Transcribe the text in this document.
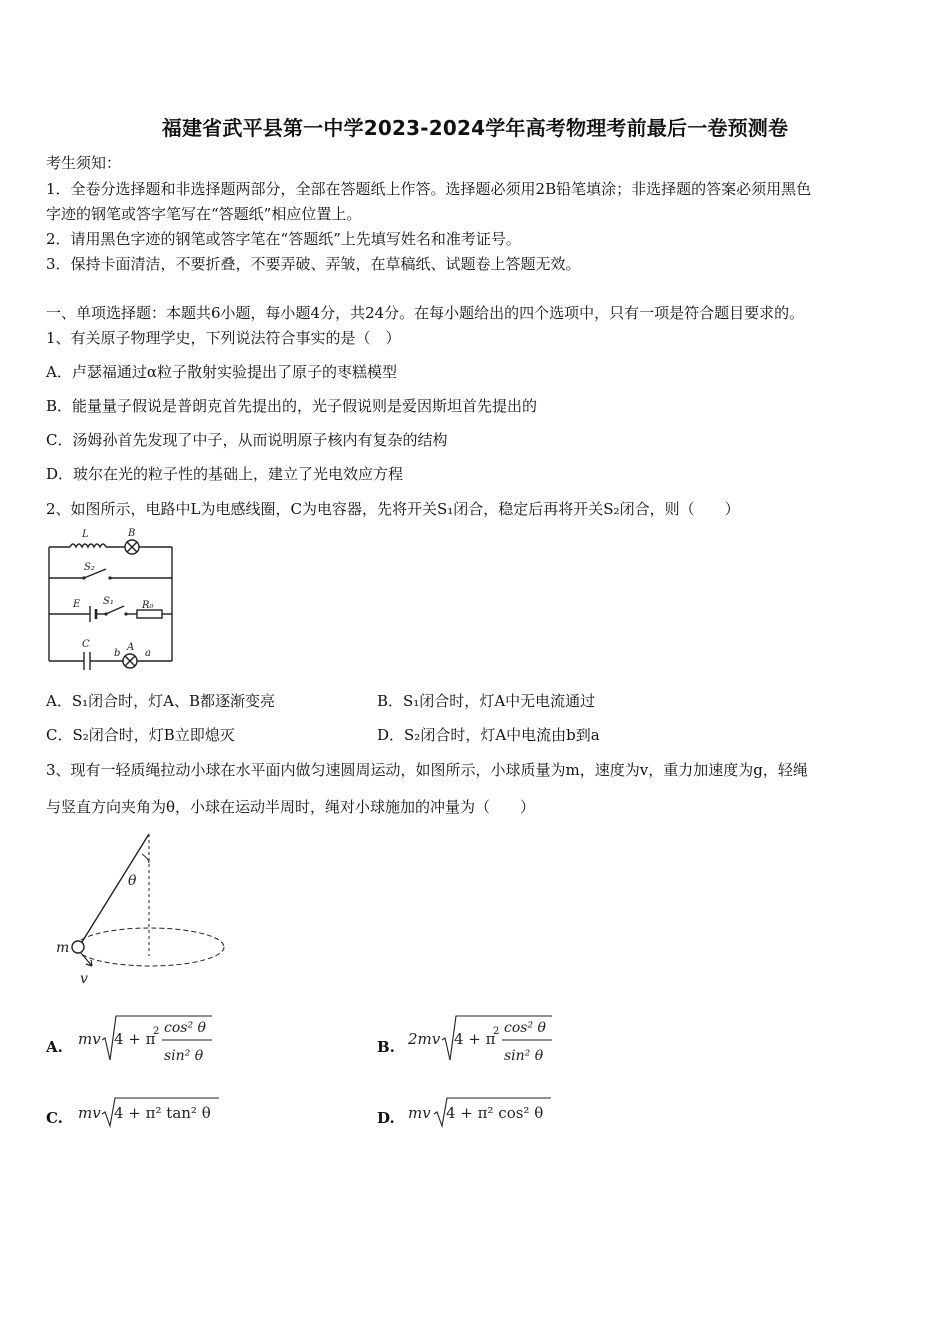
福建省武平县第一中学2023-2024学年高考物理考前最后一卷预测卷
考生须知：
1．全卷分选择题和非选择题两部分，全部在答题纸上作答。选择题必须用2B铅笔填涂；非选择题的答案必须用黑色
字迹的钢笔或答字笔写在“答题纸”相应位置上。
2．请用黑色字迹的钢笔或答字笔在“答题纸”上先填写姓名和准考证号。
3．保持卡面清洁，不要折叠，不要弄破、弄皱，在草稿纸、试题卷上答题无效。
一、单项选择题：本题共6小题，每小题4分，共24分。在每小题给出的四个选项中，只有一项是符合题目要求的。
1、有关原子物理学史，下列说法符合事实的是（　）
A．卢瑟福通过α粒子散射实验提出了原子的枣糕模型
B．能量量子假说是普朗克首先提出的，光子假说则是爱因斯坦首先提出的
C．汤姆孙首先发现了中子，从而说明原子核内有复杂的结构
D．玻尔在光的粒子性的基础上，建立了光电效应方程
2、如图所示，电路中L为电感线圈，C为电容器，先将开关S₁闭合，稳定后再将开关S₂闭合，则（　　）
L	B
S₂
E S₁	R₀
C
b
A
a
A．S₁闭合时，灯A、B都逐渐变亮	B．S₁闭合时，灯A中无电流通过
C．S₂闭合时，灯B立即熄灭	D．S₂闭合时，灯A中电流由b到a
3、现有一轻质绳拉动小球在水平面内做匀速圆周运动，如图所示，小球质量为m，速度为v，重力加速度为g，轻绳
与竖直方向夹角为θ，小球在运动半周时，绳对小球施加的冲量为（　　）
θ
m
v
A. mv 4 + π
2 cos² θ
sin² θ	B. 2mv 4 + π
2 cos² θ
sin² θ
C. mv 4 + π² tan² θ	D. mv 4 + π² cos² θ
